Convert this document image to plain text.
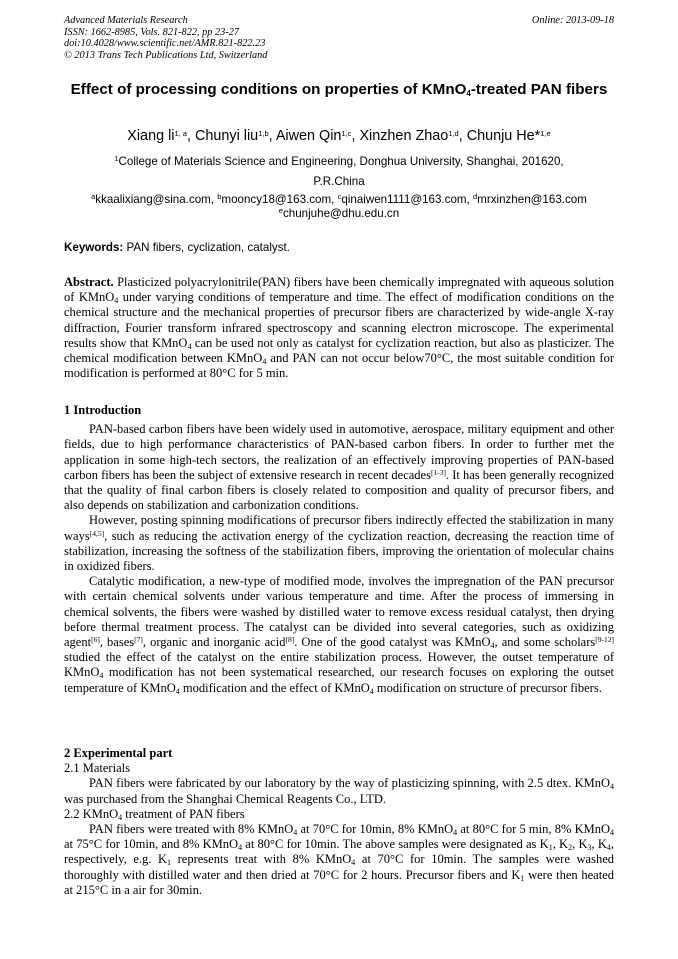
Advanced Materials Research
ISSN: 1662-8985, Vols. 821-822, pp 23-27
doi:10.4028/www.scientific.net/AMR.821-822.23
© 2013 Trans Tech Publications Ltd, Switzerland
Online: 2013-09-18
Effect of processing conditions on properties of KMnO$_4$-treated PAN fibers
Xiang li$^{1, a}$, Chunyi liu$^{1,b}$, Aiwen Qin$^{1,c}$, Xinzhen Zhao$^{1,d}$, Chunju He*$^{1,e}$
$^1$College of Materials Science and Engineering, Donghua University, Shanghai, 201620,
P.R.China
$^a$kkaalixiang@sina.com, $^b$mooncy18@163.com, $^c$qinaiwen1111@163.com, $^d$mrxinzhen@163.com
$^e$chunjuhe@dhu.edu.cn
Keywords: PAN fibers, cyclization, catalyst.

Abstract. Plasticized polyacrylonitrile(PAN) fibers have been chemically impregnated with aqueous solution of KMnO$_4$ under varying conditions of temperature and time. The effect of modification conditions on the chemical structure and the mechanical properties of precursor fibers are characterized by wide-angle X-ray diffraction, Fourier transform infrared spectroscopy and scanning electron microscope. The experimental results show that KMnO$_4$ can be used not only as catalyst for cyclization reaction, but also as plasticizer. The chemical modification between KMnO$_4$ and PAN can not occur below70°C, the most suitable condition for modification is performed at 80°C for 5 min.

1 Introduction

PAN-based carbon fibers have been widely used in automotive, aerospace, military equipment and other fields, due to high performance characteristics of PAN-based carbon fibers. In order to further met the application in some high-tech sectors, the realization of an effectively improving properties of PAN-based carbon fibers has been the subject of extensive research in recent decades[1-3]. It has been generally recognized that the quality of final carbon fibers is closely related to composition and quality of precursor fibers, and also depends on stabilization and carbonization conditions.

However, posting spinning modifications of precursor fibers indirectly effected the stabilization in many ways[4,5], such as reducing the activation energy of the cyclization reaction, decreasing the reaction time of stabilization, increasing the softness of the stabilization fibers, improving the orientation of molecular chains in oxidized fibers.

Catalytic modification, a new-type of modified mode, involves the impregnation of the PAN precursor with certain chemical solvents under various temperature and time. After the process of immersing in chemical solvents, the fibers were washed by distilled water to remove excess residual catalyst, then drying before thermal treatment process. The catalyst can be divided into several categories, such as oxidizing agent[6], bases[7], organic and inorganic acid[8]. One of the good catalyst was KMnO$_4$, and some scholars[9-12] studied the effect of the catalyst on the entire stabilization process. However, the outset temperature of KMnO$_4$ modification has not been systematical researched, our research focuses on exploring the outset temperature of KMnO$_4$ modification and the effect of KMnO$_4$ modification on structure of precursor fibers.

2 Experimental part

2.1 Materials

PAN fibers were fabricated by our laboratory by the way of plasticizing spinning, with 2.5 dtex. KMnO$_4$ was purchased from the Shanghai Chemical Reagents Co., LTD.

2.2 KMnO$_4$ treatment of PAN fibers

PAN fibers were treated with 8% KMnO$_4$ at 70°C for 10min, 8% KMnO$_4$ at 80°C for 5 min, 8% KMnO$_4$ at 75°C for 10min, and 8% KMnO$_4$ at 80°C for 10min. The above samples were designated as $K_1$, $K_2$, $K_3$, $K_4$, respectively, e.g. $K_1$ represents treat with 8% KMnO$_4$ at 70°C for 10min. The samples were washed thoroughly with distilled water and then dried at 70°C for 2 hours. Precursor fibers and $K_1$ were then heated at 215°C in a air for 30min.
